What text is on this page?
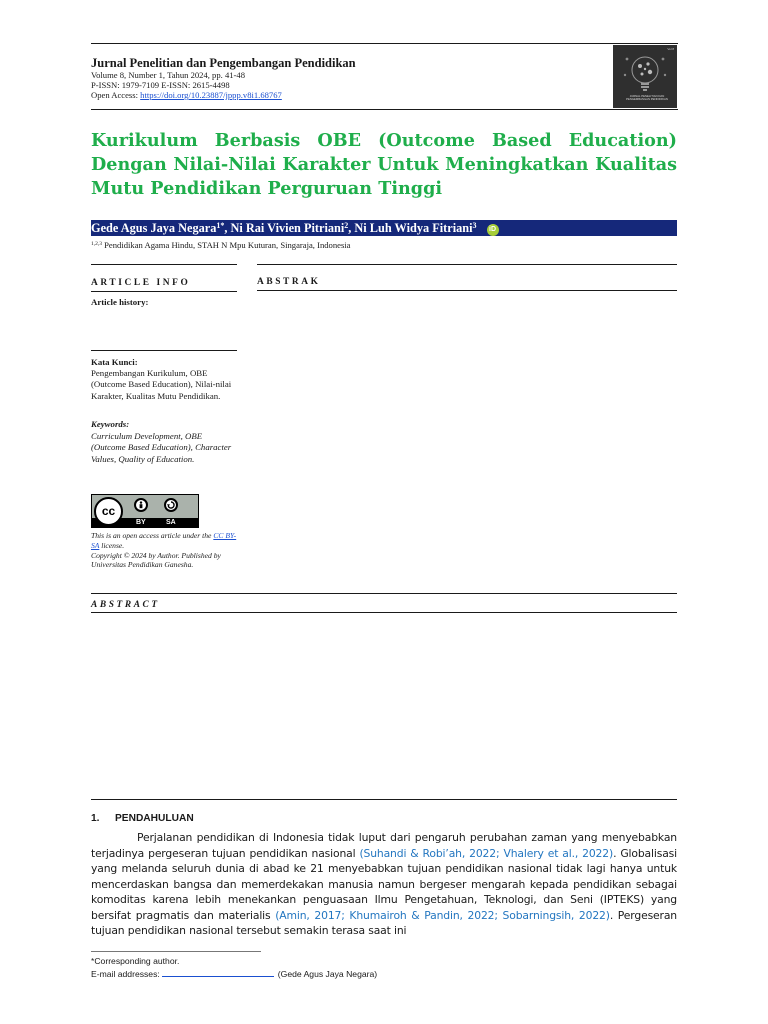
Jurnal Penelitian dan Pengembangan Pendidikan
Volume 8, Number 1, Tahun 2024, pp. 41-48
P-ISSN: 1979-7109 E-ISSN: 2615-4498
Open Access: https://doi.org/10.23887/jppp.v8i1.68767
Vol 8
JURNAL PENELITIAN DAN PENGEMBANGAN PENDIDIKAN
Kurikulum Berbasis OBE (Outcome Based Education) Dengan Nilai-Nilai Karakter Untuk Meningkatkan Kualitas Mutu Pendidikan Perguruan Tinggi
Gede Agus Jaya Negara$^{1*}$, Ni Rai Vivien Pitriani$^2$, Ni Luh Widya Fitriani$^3$ iD
$^{1,2,3}$ Pendidikan Agama Hindu, STAH N Mpu Kuturan, Singaraja, Indonesia
ARTICLE INFO
Article history:
Kata Kunci:
Pengembangan Kurikulum, OBE (Outcome Based Education), Nilai-nilai Karakter, Kualitas Mutu Pendidikan.
Keywords:
Curriculum Development, OBE (Outcome Based Education), Character Values, Quality of Education.
cc
BY	SA
This is an open access article under the CC BY-SA license.
Copyright © 2024 by Author. Published by Universitas Pendidikan Ganesha.
ABSTRAK
ABSTRACT
1. PENDAHULUAN

Perjalanan pendidikan di Indonesia tidak luput dari pengaruh perubahan zaman yang menyebabkan terjadinya pergeseran tujuan pendidikan nasional (Suhandi & Robi’ah, 2022; Vhalery et al., 2022). Globalisasi yang melanda seluruh dunia di abad ke 21 menyebabkan tujuan pendidikan nasional tidak lagi hanya untuk mencerdaskan bangsa dan memerdekakan manusia namun bergeser mengarah kepada pendidikan sebagai komoditas karena lebih menekankan penguasaan Ilmu Pengetahuan, Teknologi, dan Seni (IPTEKS) yang bersifat pragmatis dan materialis (Amin, 2017; Khumairoh & Pandin, 2022; Sobarningsih, 2022). Pergeseran tujuan pendidikan nasional tersebut semakin terasa saat ini

*Corresponding author.
E-mail addresses:	(Gede Agus Jaya Negara)
